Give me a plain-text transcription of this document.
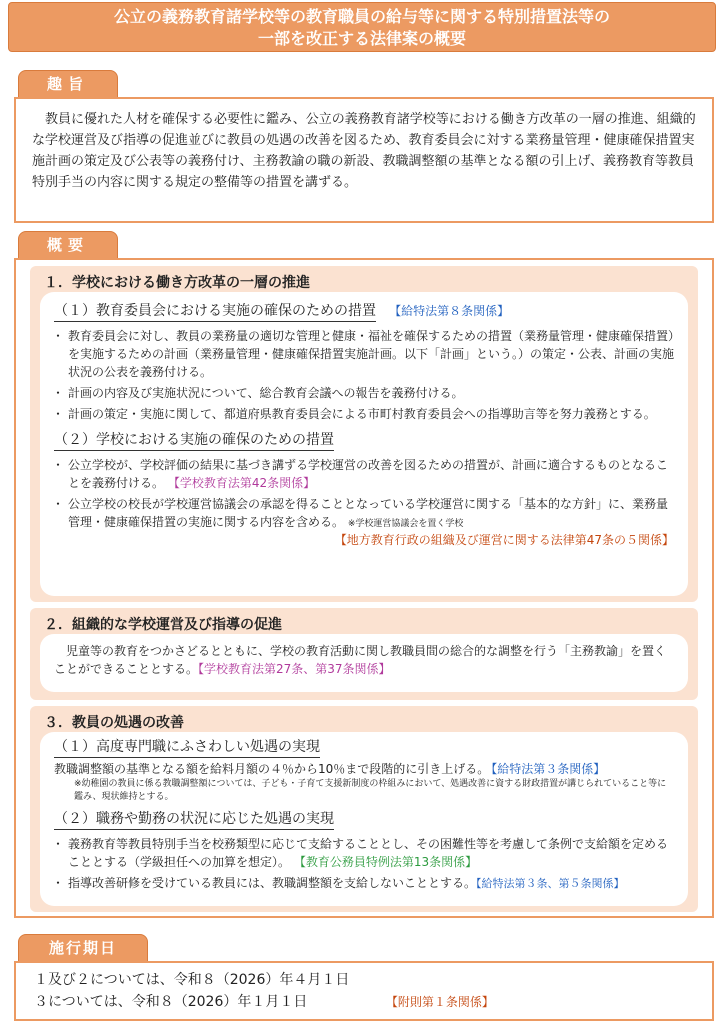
公立の義務教育諸学校等の教育職員の給与等に関する特別措置法等の
一部を改正する法律案の概要
趣旨
教員に優れた人材を確保する必要性に鑑み、公立の義務教育諸学校等における働き方改革の一層の推進、組織的な学校運営及び指導の促進並びに教員の処遇の改善を図るため、教育委員会に対する業務量管理・健康確保措置実施計画の策定及び公表等の義務付け、主務教諭の職の新設、教職調整額の基準となる額の引上げ、義務教育等教員特別手当の内容に関する規定の整備等の措置を講ずる。
概要
１．学校における働き方改革の一層の推進
（１）教育委員会における実施の確保のための措置 【給特法第８条関係】
・ 教育委員会に対し、教員の業務量の適切な管理と健康・福祉を確保するための措置（業務量管理・健康確保措置）を実施するための計画（業務量管理・健康確保措置実施計画。以下「計画」という。）の策定・公表、計画の実施状況の公表を義務付ける。
・ 計画の内容及び実施状況について、総合教育会議への報告を義務付ける。
・ 計画の策定・実施に関して、都道府県教育委員会による市町村教育委員会への指導助言等を努力義務とする。
（２）学校における実施の確保のための措置
・ 公立学校が、学校評価の結果に基づき講ずる学校運営の改善を図るための措置が、計画に適合するものとなることを義務付ける。 【学校教育法第42条関係】
・ 公立学校の校長が学校運営協議会の承認を得ることとなっている学校運営に関する「基本的な方針」に、業務量管理・健康確保措置の実施に関する内容を含める。 ※学校運営協議会を置く学校
【地方教育行政の組織及び運営に関する法律第47条の５関係】
２．組織的な学校運営及び指導の促進
児童等の教育をつかさどるとともに、学校の教育活動に関し教職員間の総合的な調整を行う「主務教諭」を置くことができることとする。【学校教育法第27条、第37条関係】
３．教員の処遇の改善
（１）高度専門職にふさわしい処遇の実現
教職調整額の基準となる額を給料月額の４％から10％まで段階的に引き上げる。 【給特法第３条関係】
※幼稚園の教員に係る教職調整額については、子ども・子育て支援新制度の枠組みにおいて、処遇改善に資する財政措置が講じられていること等に鑑み、現状維持とする。
（２）職務や勤務の状況に応じた処遇の実現
・ 義務教育等教員特別手当を校務類型に応じて支給することとし、その困難性等を考慮して条例で支給額を定めることとする（学級担任への加算を想定）。 【教育公務員特例法第13条関係】
・ 指導改善研修を受けている教員には、教職調整額を支給しないこととする。【給特法第３条、第５条関係】
施行期日
１及び２については、令和８（2026）年４月１日
３については、令和８（2026）年１月１日	【附則第１条関係】
